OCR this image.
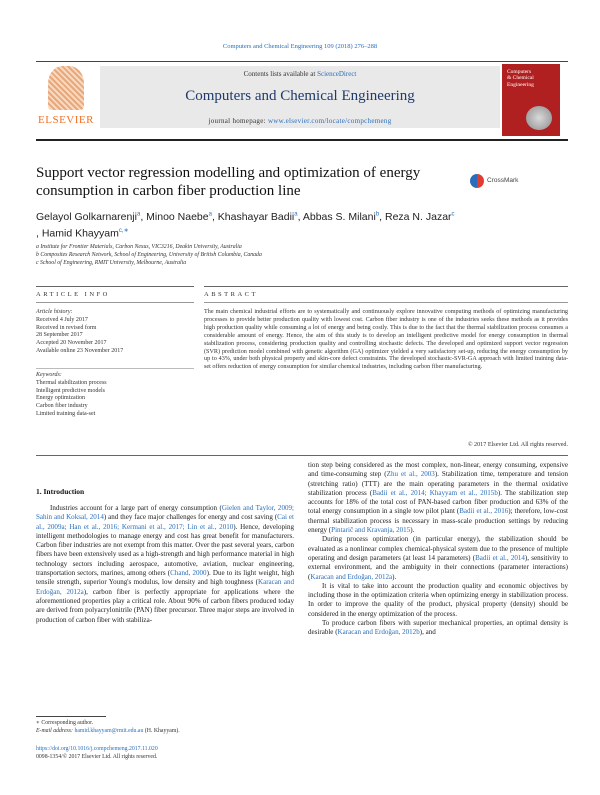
Computers and Chemical Engineering 109 (2018) 276–288
ELSEVIER
Contents lists available at ScienceDirect
Computers and Chemical Engineering
journal homepage: www.elsevier.com/locate/compchemeng
Computers
& Chemical
Engineering
Support vector regression modelling and optimization of energy consumption in carbon fiber production line
CrossMark
Gelayol Golkarnarenji$^a$, Minoo Naebe$^a$, Khashayar Badii$^a$, Abbas S. Milani$^b$, Reza N. Jazar$^c$
, Hamid Khayyam$^{c,∗}$
a Institute for Frontier Materials, Carbon Nexus, VIC3216, Deakin University, Australia
b Composites Research Network, School of Engineering, University of British Columbia, Canada
c School of Engineering, RMIT University, Melbourne, Australia
ARTICLE INFO	ABSTRACT
Article history:
Received 4 July 2017
Received in revised form
28 September 2017
Accepted 20 November 2017
Available online 23 November 2017
Keywords:
Thermal stabilization process
Intelligent predictive models
Energy optimization
Carbon fiber industry
Limited training data-set
The main chemical industrial efforts are to systematically and continuously explore innovative computing methods of optimizing manufacturing processes to provide better production quality with lowest cost. Carbon fiber industry is one of the industries seeks these methods as it provides high production quality while consuming a lot of energy and being costly. This is due to the fact that the thermal stabilization process consumes a considerable amount of energy. Hence, the aim of this study is to develop an intelligent predictive model for energy consumption in thermal stabilization process, considering production quality and controlling stochastic defects. The developed and optimized support vector regression (SVR) prediction model combined with genetic algorithm (GA) optimizer yielded a very satisfactory set-up, reducing the energy consumption by up to 43%, under both physical property and skin-core defect constraints. The developed stochastic-SVR-GA approach with limited training data-set offers reduction of energy consumption for similar chemical industries, including carbon fiber manufacturing.
© 2017 Elsevier Ltd. All rights reserved.
1. Introduction

Industries account for a large part of energy consumption (Gielen and Taylor, 2009; Sahin and Koksal, 2014) and they face major challenges for energy and cost saving (Cai et al., 2009a; Han et al., 2016; Kermani et al., 2017; Lin et al., 2010). Hence, developing intelligent methodologies to manage energy and cost has great benefit for manufacturers. Carbon fiber industries are not exempt from this matter. Over the past several years, carbon fibers have been extensively used as a high-strength and high performance material in high technology sectors including aerospace, automotive, aviation, nuclear engineering, transportation sectors, marines, among others (Chand, 2000). Due to its light weight, high tensile strength, superior Young's modulus, low density and high toughness (Karacan and Erdoğan, 2012a), carbon fiber is perfectly appropriate for applications where the aforementioned properties play a critical role. About 90% of carbon fibers produced today are derived from polyacrylonitrile (PAN) fiber precursor. Three major steps are involved in production of carbon fiber with stabiliza-

tion step being considered as the most complex, non-linear, energy consuming, expensive and time-consuming step (Zhu et al., 2003). Stabilization time, temperature and tension (stretching ratio) (TTT) are the main operating parameters in the thermal oxidative stabilization process (Badii et al., 2014; Khayyam et al., 2015b). The stabilization step accounts for 18% of the total cost of PAN-based carbon fiber production and 63% of the total energy consumption in a single tow pilot plant (Badii et al., 2016); therefore, low-cost thermal stabilization process is necessary in mass-scale production settings by reducing energy (Pintarič and Kravanja, 2015).

During process optimization (in particular energy), the stabilization should be evaluated as a nonlinear complex chemical-physical system due to the presence of multiple operating and design parameters (at least 14 parameters) (Badii et al., 2014), sensitivity to external environment, and the ambiguity in their connections (parameter interactions) (Karacan and Erdoğan, 2012a).

It is vital to take into account the production quality and economic objectives by including those in the optimization criteria when optimizing energy in stabilization process. In order to improve the quality of the product, physical property (density) should be considered in the energy optimization of the process.

To produce carbon fibers with superior mechanical properties, an optimal density is desirable (Karacan and Erdoğan, 2012b), and

∗ Corresponding author.
E-mail address: hamid.khayyam@rmit.edu.au (H. Khayyam).
https://doi.org/10.1016/j.compchemeng.2017.11.020
0098-1354/© 2017 Elsevier Ltd. All rights reserved.
